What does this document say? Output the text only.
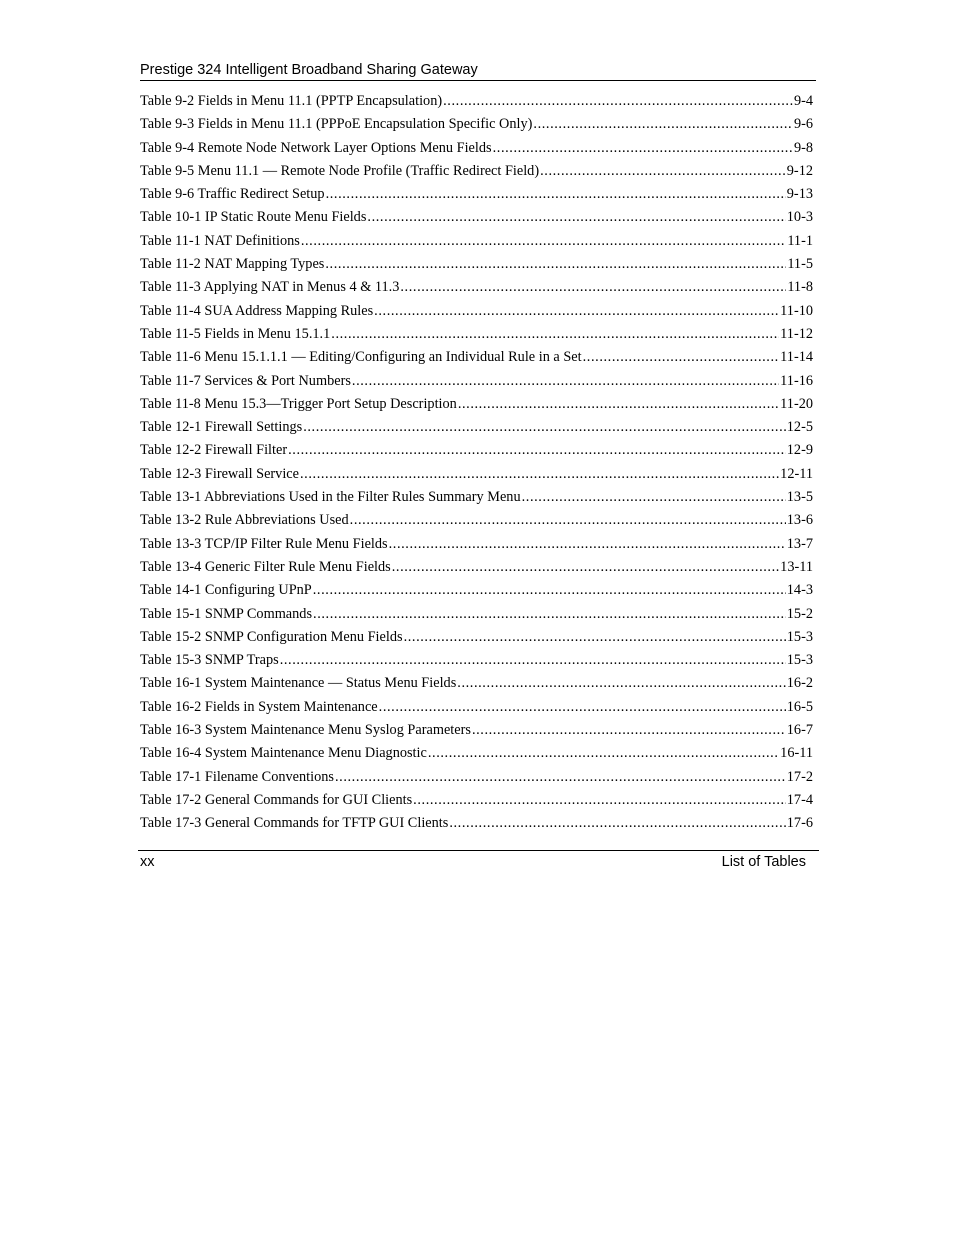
Prestige 324 Intelligent Broadband Sharing Gateway
Table 9-2 Fields in Menu 11.1 (PPTP Encapsulation) .....	9-4
Table 9-3 Fields in Menu 11.1 (PPPoE Encapsulation Specific Only) .....	9-6
Table 9-4 Remote Node Network Layer Options Menu Fields .....	9-8
Table 9-5 Menu 11.1 — Remote Node Profile (Traffic Redirect Field) .....	9-12
Table 9-6 Traffic Redirect Setup .....	9-13
Table 10-1 IP Static Route Menu Fields .....	10-3
Table 11-1 NAT Definitions .....	11-1
Table 11-2 NAT Mapping Types .....	11-5
Table 11-3 Applying NAT in Menus 4 & 11.3 .....	11-8
Table 11-4 SUA Address Mapping Rules .....	11-10
Table 11-5 Fields in Menu 15.1.1 .....	11-12
Table 11-6 Menu 15.1.1.1 — Editing/Configuring an Individual Rule in a Set .....	11-14
Table 11-7 Services & Port Numbers .....	11-16
Table 11-8 Menu 15.3—Trigger Port Setup Description .....	11-20
Table 12-1 Firewall Settings .....	12-5
Table 12-2 Firewall Filter .....	12-9
Table 12-3 Firewall Service .....	12-11
Table 13-1 Abbreviations Used in the Filter Rules Summary Menu .....	13-5
Table 13-2 Rule Abbreviations Used .....	13-6
Table 13-3 TCP/IP Filter Rule Menu Fields .....	13-7
Table 13-4 Generic Filter Rule Menu Fields .....	13-11
Table 14-1 Configuring UPnP .....	14-3
Table 15-1 SNMP Commands .....	15-2
Table 15-2 SNMP Configuration Menu Fields .....	15-3
Table 15-3 SNMP Traps .....	15-3
Table 16-1 System Maintenance — Status Menu Fields .....	16-2
Table 16-2 Fields in System Maintenance .....	16-5
Table 16-3 System Maintenance Menu Syslog Parameters .....	16-7
Table 16-4 System Maintenance Menu Diagnostic .....	16-11
Table 17-1 Filename Conventions .....	17-2
Table 17-2 General Commands for GUI Clients .....	17-4
Table 17-3 General Commands for TFTP GUI Clients .....	17-6
xx	List of Tables
